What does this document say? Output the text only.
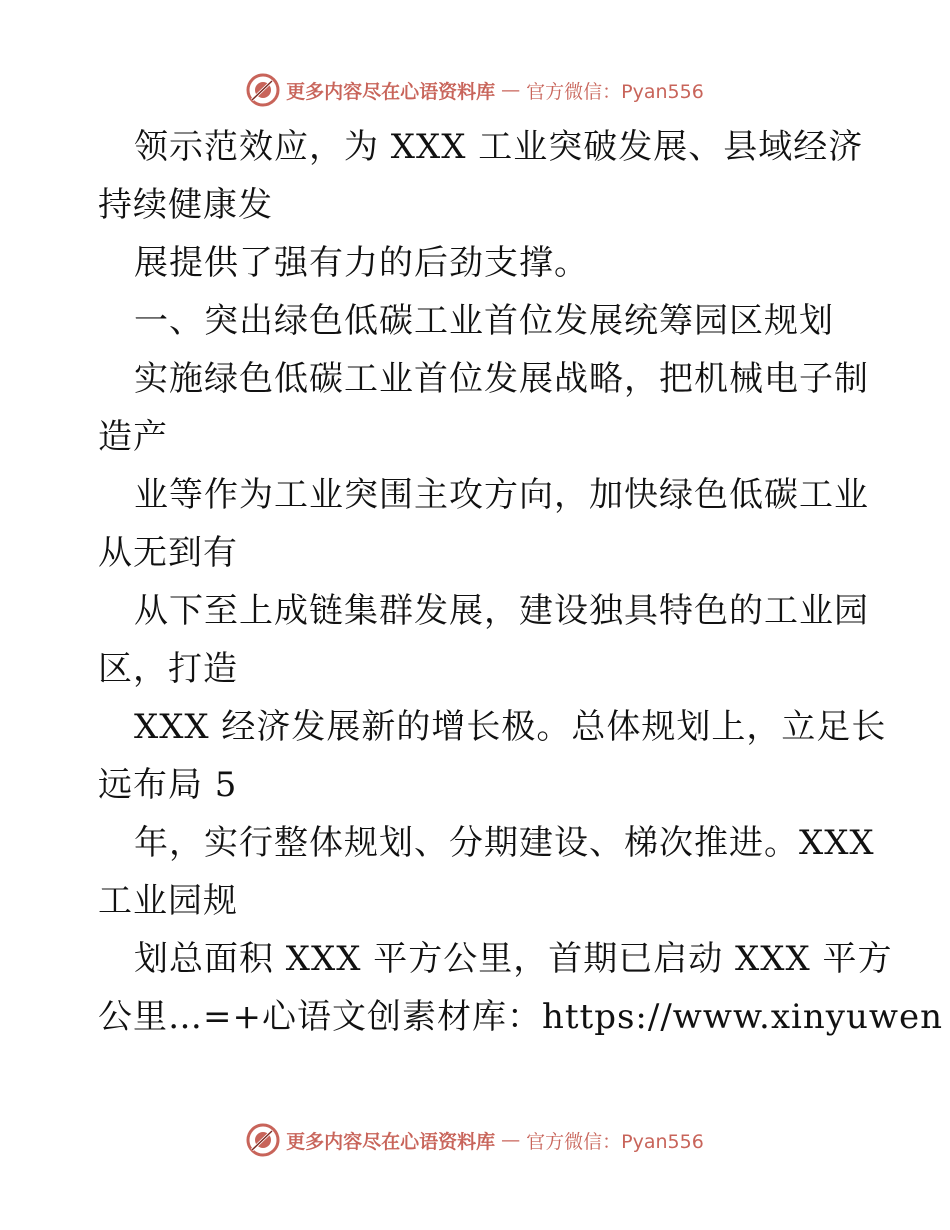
更多内容尽在心语资料库 — 官方微信：Pyan556
领示范效应，为 XXX 工业突破发展、县域经济
持续健康发
展提供了强有力的后劲支撑。
一、突出绿色低碳工业首位发展统筹园区规划
实施绿色低碳工业首位发展战略，把机械电子制
造产
业等作为工业突围主攻方向，加快绿色低碳工业
从无到有
从下至上成链集群发展，建设独具特色的工业园
区，打造
XXX 经济发展新的增长极。总体规划上，立足长
远布局 5
年，实行整体规划、分期建设、梯次推进。XXX
工业园规
划总面积 XXX 平方公里，首期已启动 XXX 平方
公里…=+心语文创素材库：https://www.xinyuwen
更多内容尽在心语资料库 — 官方微信：Pyan556
